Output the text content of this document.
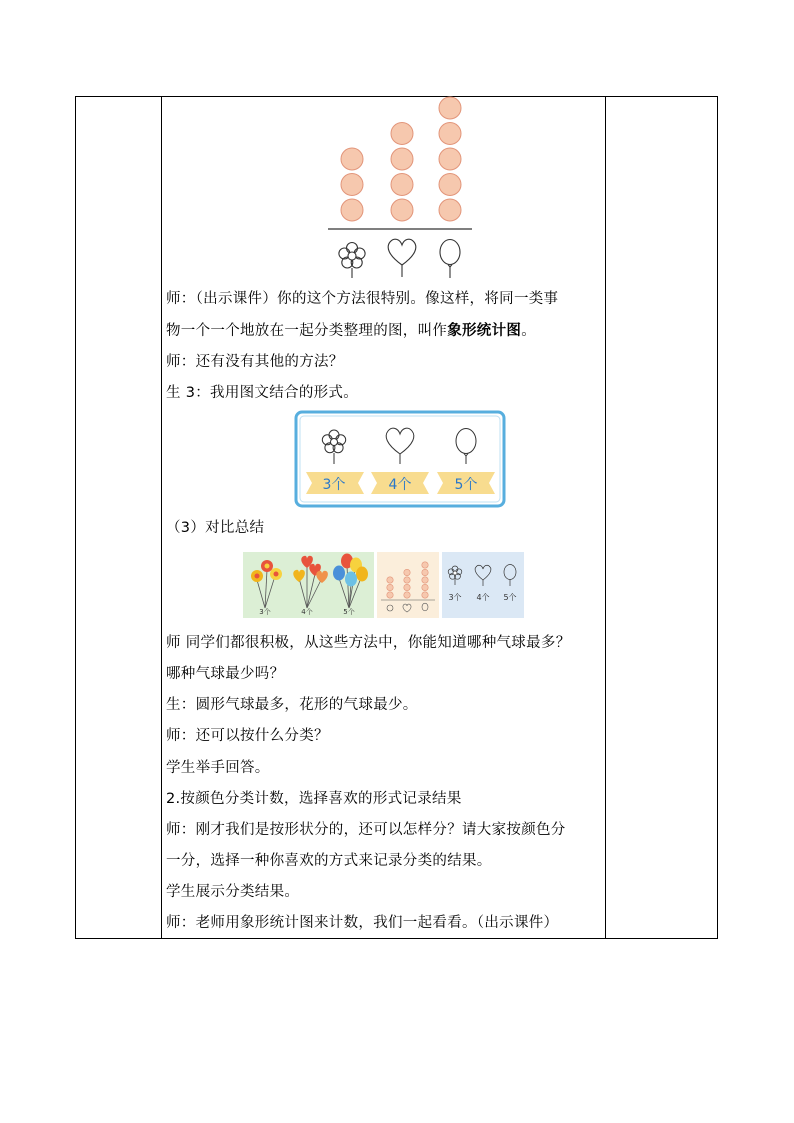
师：（出示课件）你的这个方法很特别。像这样，将同一类事
物一个一个地放在一起分类整理的图，叫作象形统计图。
师：还有没有其他的方法？
生 3：我用图文结合的形式。
3个	4个	5个
（3）对比总结
3个	4个	5个
3个 4个 5个
师 同学们都很积极，从这些方法中，你能知道哪种气球最多？
哪种气球最少吗？
生：圆形气球最多，花形的气球最少。
师：还可以按什么分类？
学生举手回答。
2.按颜色分类计数，选择喜欢的形式记录结果
师：刚才我们是按形状分的，还可以怎样分？请大家按颜色分
一分，选择一种你喜欢的方式来记录分类的结果。
学生展示分类结果。
师：老师用象形统计图来计数，我们一起看看。（出示课件）
